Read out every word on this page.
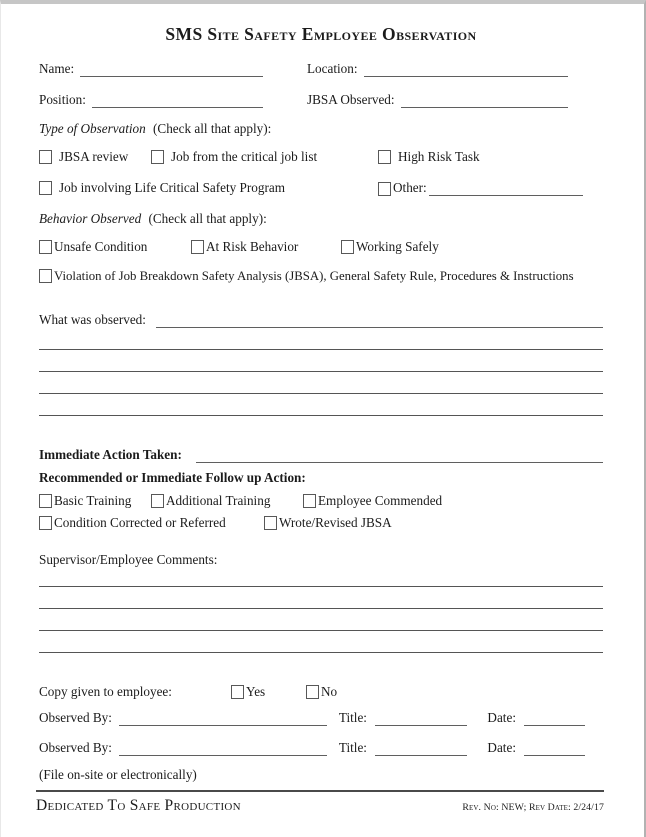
SMS Site Safety Employee Observation
Name:	Location:
Position:	JBSA Observed:
Type of Observation (Check all that apply):
JBSA review	Job from the critical job list	High Risk Task
Job involving Life Critical Safety Program	Other:
Behavior Observed (Check all that apply):
Unsafe Condition	At Risk Behavior	Working Safely
Violation of Job Breakdown Safety Analysis (JBSA), General Safety Rule, Procedures & Instructions
What was observed:
Immediate Action Taken:
Recommended or Immediate Follow up Action:
Basic Training	Additional Training	Employee Commended
Condition Corrected or Referred	Wrote/Revised JBSA
Supervisor/Employee Comments:
Copy given to employee:	Yes	No
Observed By:	Title:	Date:
Observed By:	Title:	Date:
(File on-site or electronically)
Dedicated To Safe Production	Rev. No: NEW; Rev Date: 2/24/17
